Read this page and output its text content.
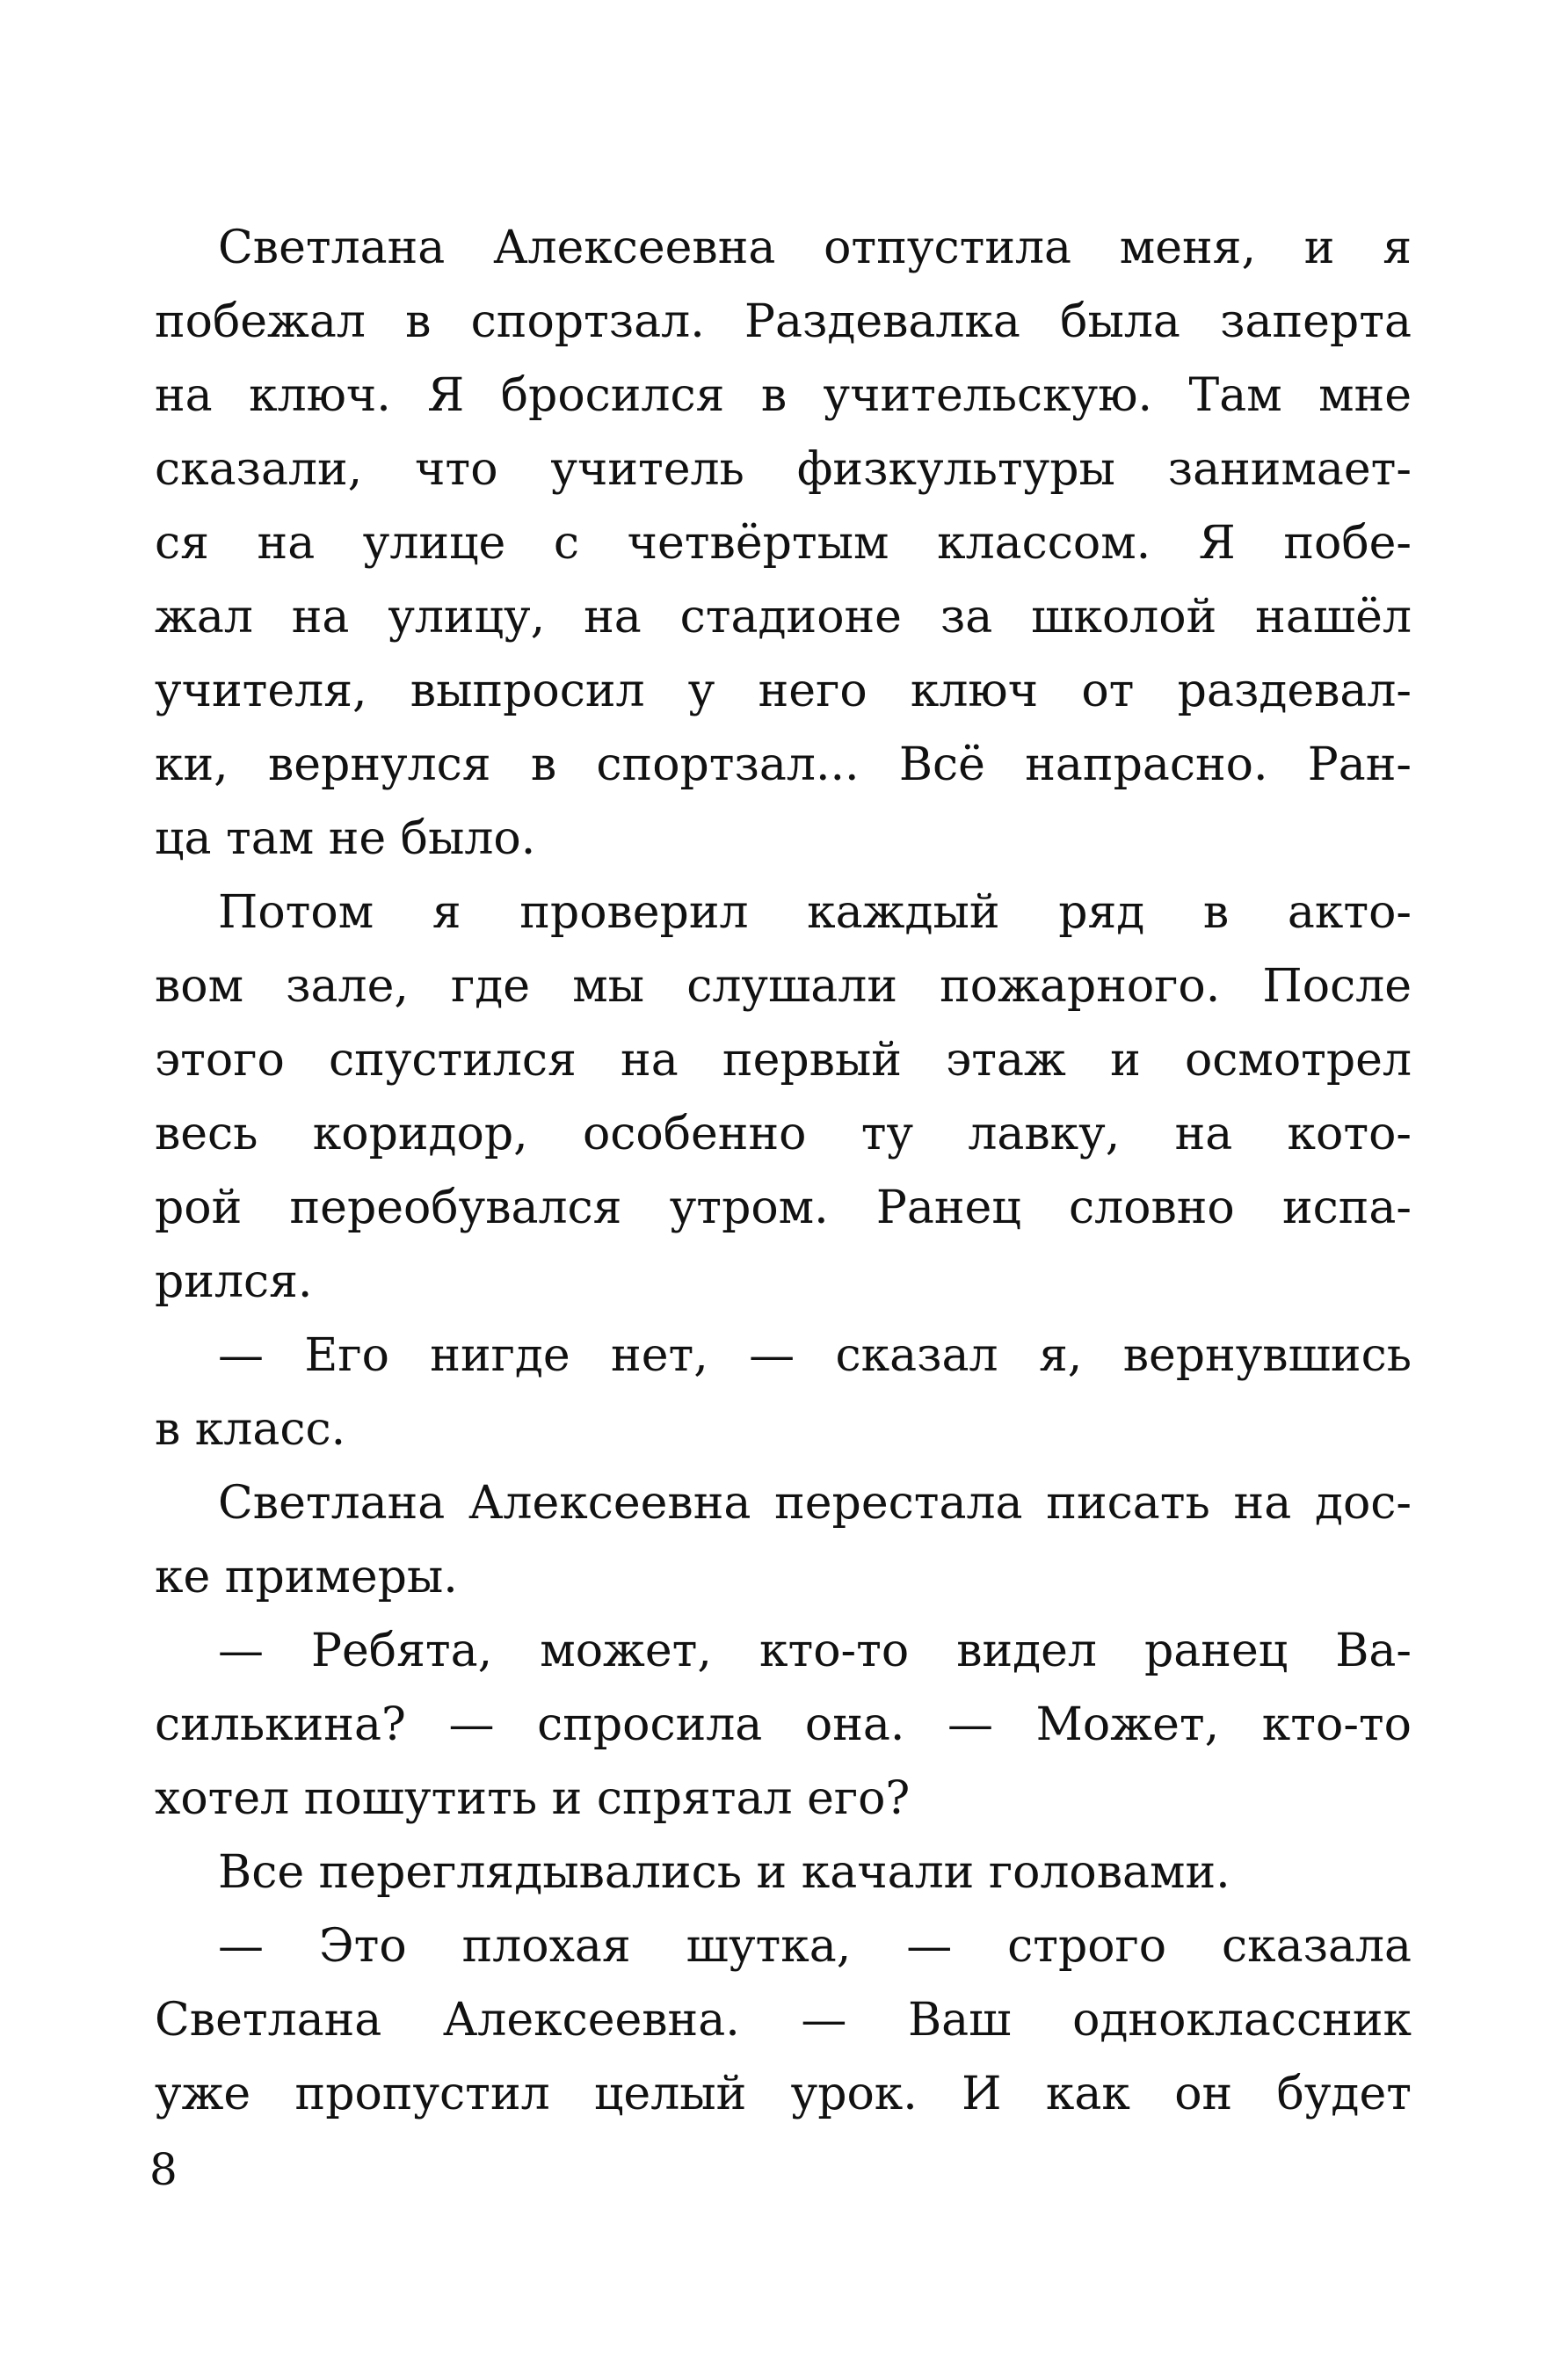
Светлана Алексеевна отпустила меня, и я

побежал в спортзал. Раздевалка была заперта

на ключ. Я бросился в учительскую. Там мне

сказали, что учитель физкультуры занимает-

ся на улице с четвёртым классом. Я побе-

жал на улицу, на стадионе за школой нашёл

учителя, выпросил у него ключ от раздевал-

ки, вернулся в спортзал... Всё напрасно. Ран-

ца там не было.

Потом я проверил каждый ряд в акто-

вом зале, где мы слушали пожарного. После

этого спустился на первый этаж и осмотрел

весь коридор, особенно ту лавку, на кото-

рой переобувался утром. Ранец словно испа-

рился.

— Его нигде нет, — сказал я, вернувшись

в класс.

Светлана Алексеевна перестала писать на дос-

ке примеры.

— Ребята, может, кто-то видел ранец Ва-

силькина? — спросила она. — Может, кто-то

хотел пошутить и спрятал его?

Все переглядывались и качали головами.

— Это плохая шутка, — строго сказала

Светлана Алексеевна. — Ваш одноклассник

уже пропустил целый урок. И как он будет

8
